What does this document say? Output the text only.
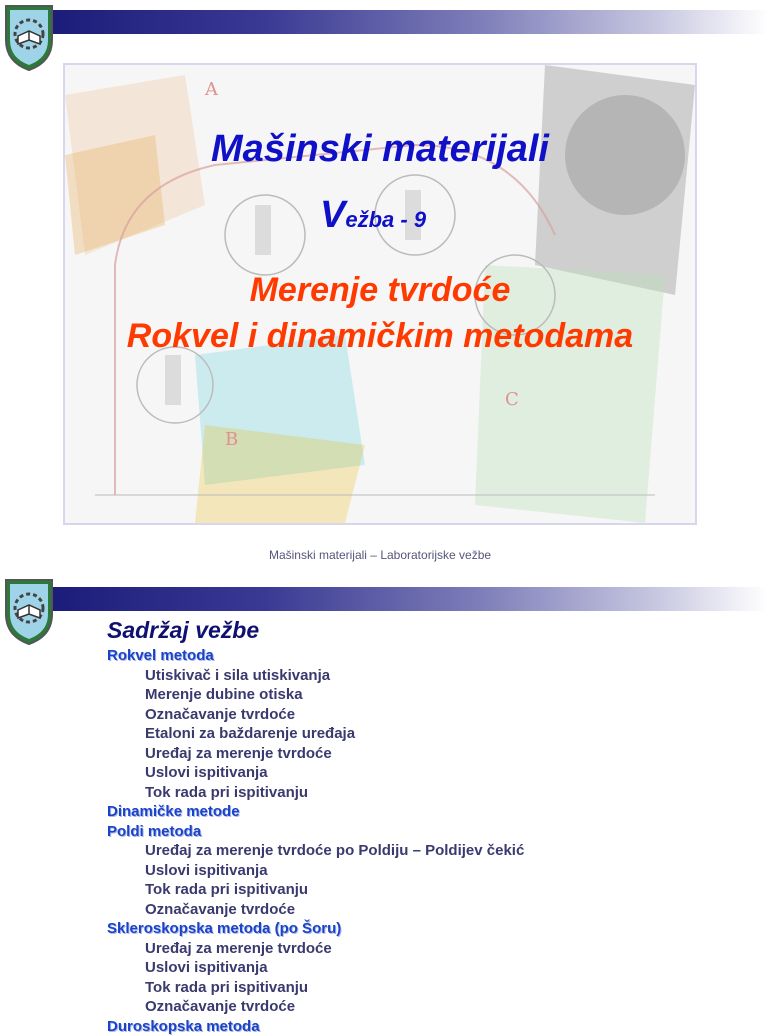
A
B
C
Mašinski materijali
Vežba - 9
Merenje tvrdoće
Rokvel i dinamičkim metodama
Mašinski materijali – Laboratorijske vežbe
Sadržaj vežbe
Rokvel metoda
Utiskivač i sila utiskivanja
Merenje dubine otiska
Označavanje tvrdoće
Etaloni za baždarenje uređaja
Uređaj za merenje tvrdoće
Uslovi ispitivanja
Tok rada pri ispitivanju
Dinamičke metode
Poldi metoda
Uređaj za merenje tvrdoće po Poldiju – Poldijev čekić
Uslovi ispitivanja
Tok rada pri ispitivanju
Označavanje tvrdoće
Skleroskopska metoda (po Šoru)
Uređaj za merenje tvrdoće
Uslovi ispitivanja
Tok rada pri ispitivanju
Označavanje tvrdoće
Duroskopska metoda
